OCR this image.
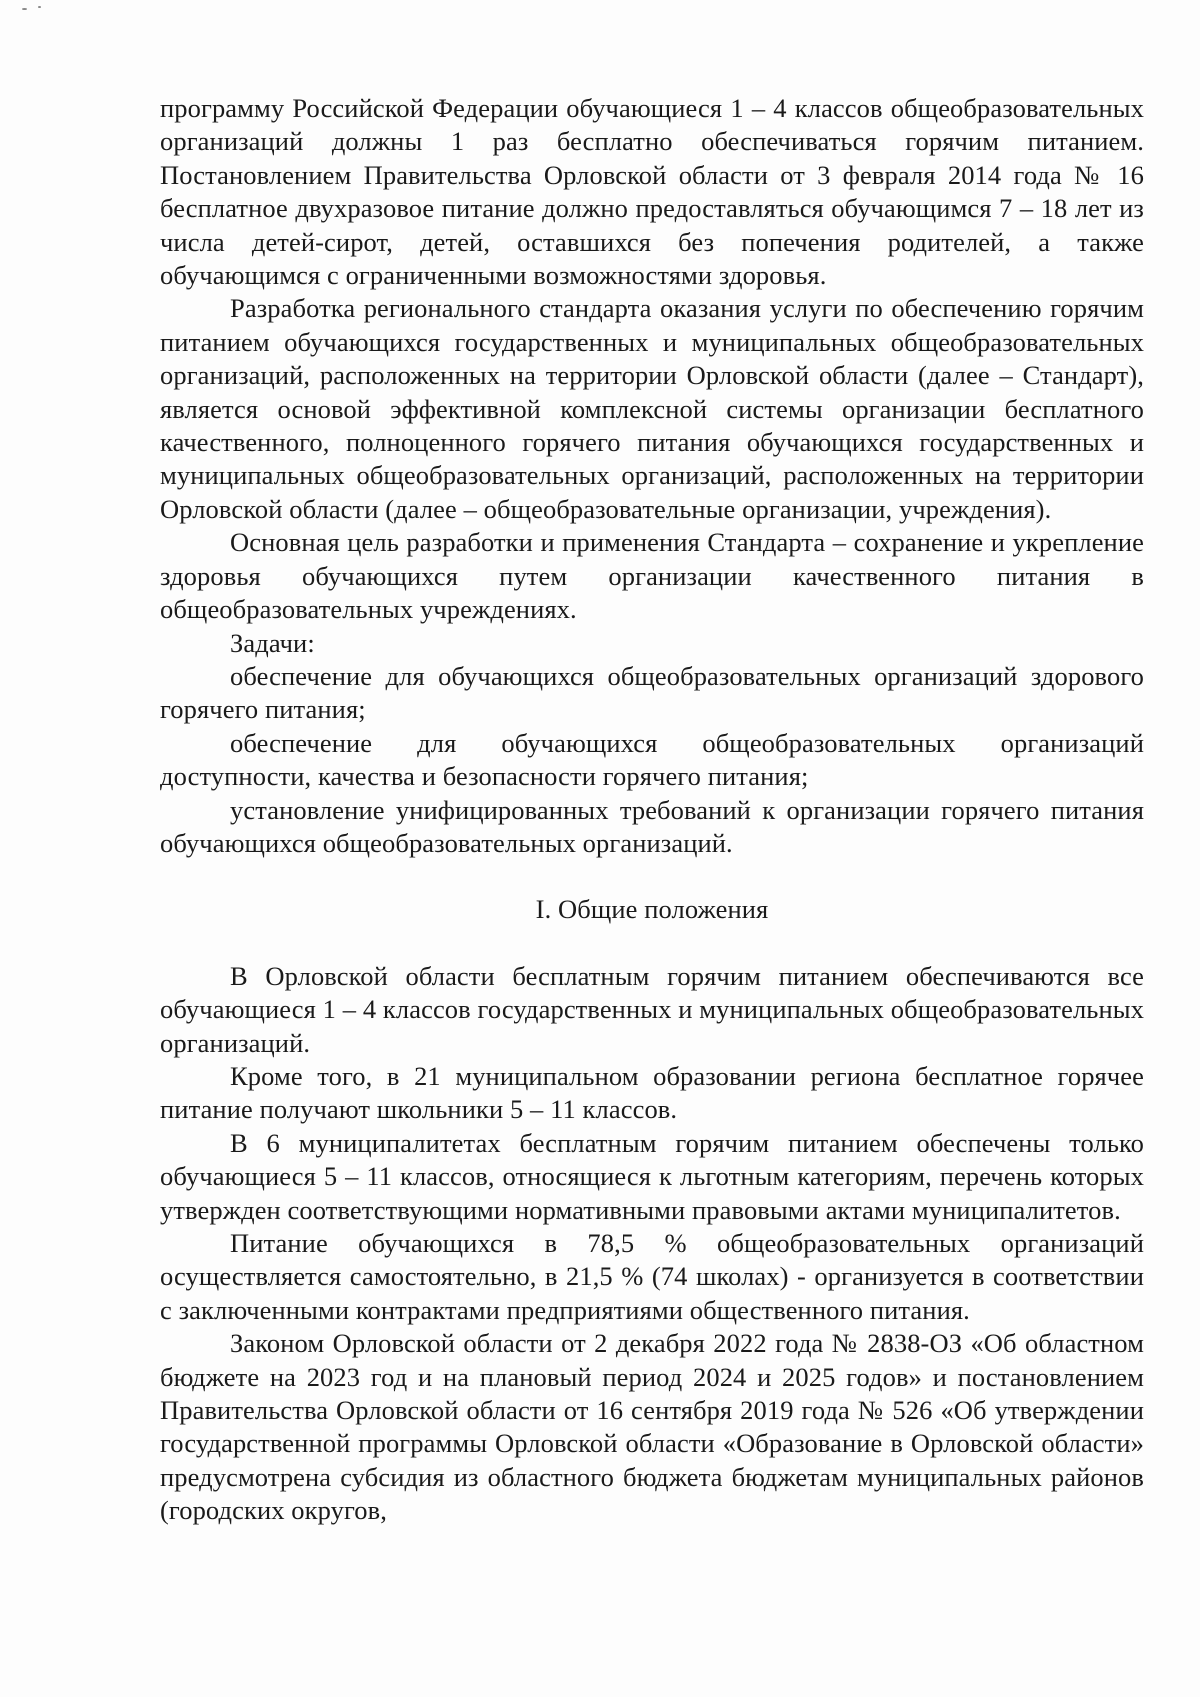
программу Российской Федерации обучающиеся 1 – 4 классов общеобразовательных организаций должны 1 раз бесплатно обеспечиваться горячим питанием. Постановлением Правительства Орловской области от 3 февраля 2014 года № 16 бесплатное двухразовое питание должно предоставляться обучающимся 7 – 18 лет из числа детей-сирот, детей, оставшихся без попечения родителей, а также обучающимся с ограниченными возможностями здоровья.

Разработка регионального стандарта оказания услуги по обеспечению горячим питанием обучающихся государственных и муниципальных общеобразовательных организаций, расположенных на территории Орловской области (далее – Стандарт), является основой эффективной комплексной системы организации бесплатного качественного, полноценного горячего питания обучающихся государственных и муниципальных общеобразовательных организаций, расположенных на территории Орловской области (далее – общеобразовательные организации, учреждения).

Основная цель разработки и применения Стандарта – сохранение и укрепление здоровья обучающихся путем организации качественного питания в общеобразовательных учреждениях.

Задачи:

обеспечение для обучающихся общеобразовательных организаций здорового горячего питания;

обеспечение для обучающихся общеобразовательных организаций доступности, качества и безопасности горячего питания;

установление унифицированных требований к организации горячего питания обучающихся общеобразовательных организаций.

I. Общие положения

В Орловской области бесплатным горячим питанием обеспечиваются все обучающиеся 1 – 4 классов государственных и муниципальных общеобразовательных организаций.

Кроме того, в 21 муниципальном образовании региона бесплатное горячее питание получают школьники 5 – 11 классов.

В 6 муниципалитетах бесплатным горячим питанием обеспечены только обучающиеся 5 – 11 классов, относящиеся к льготным категориям, перечень которых утвержден соответствующими нормативными правовыми актами муниципалитетов.

Питание обучающихся в 78,5 % общеобразовательных организаций осуществляется самостоятельно, в 21,5 % (74 школах) - организуется в соответствии с заключенными контрактами предприятиями общественного питания.

Законом Орловской области от 2 декабря 2022 года № 2838-ОЗ «Об областном бюджете на 2023 год и на плановый период 2024 и 2025 годов» и постановлением Правительства Орловской области от 16 сентября 2019 года № 526 «Об утверждении государственной программы Орловской области «Образование в Орловской области» предусмотрена субсидия из областного бюджета бюджетам муниципальных районов (городских округов,
